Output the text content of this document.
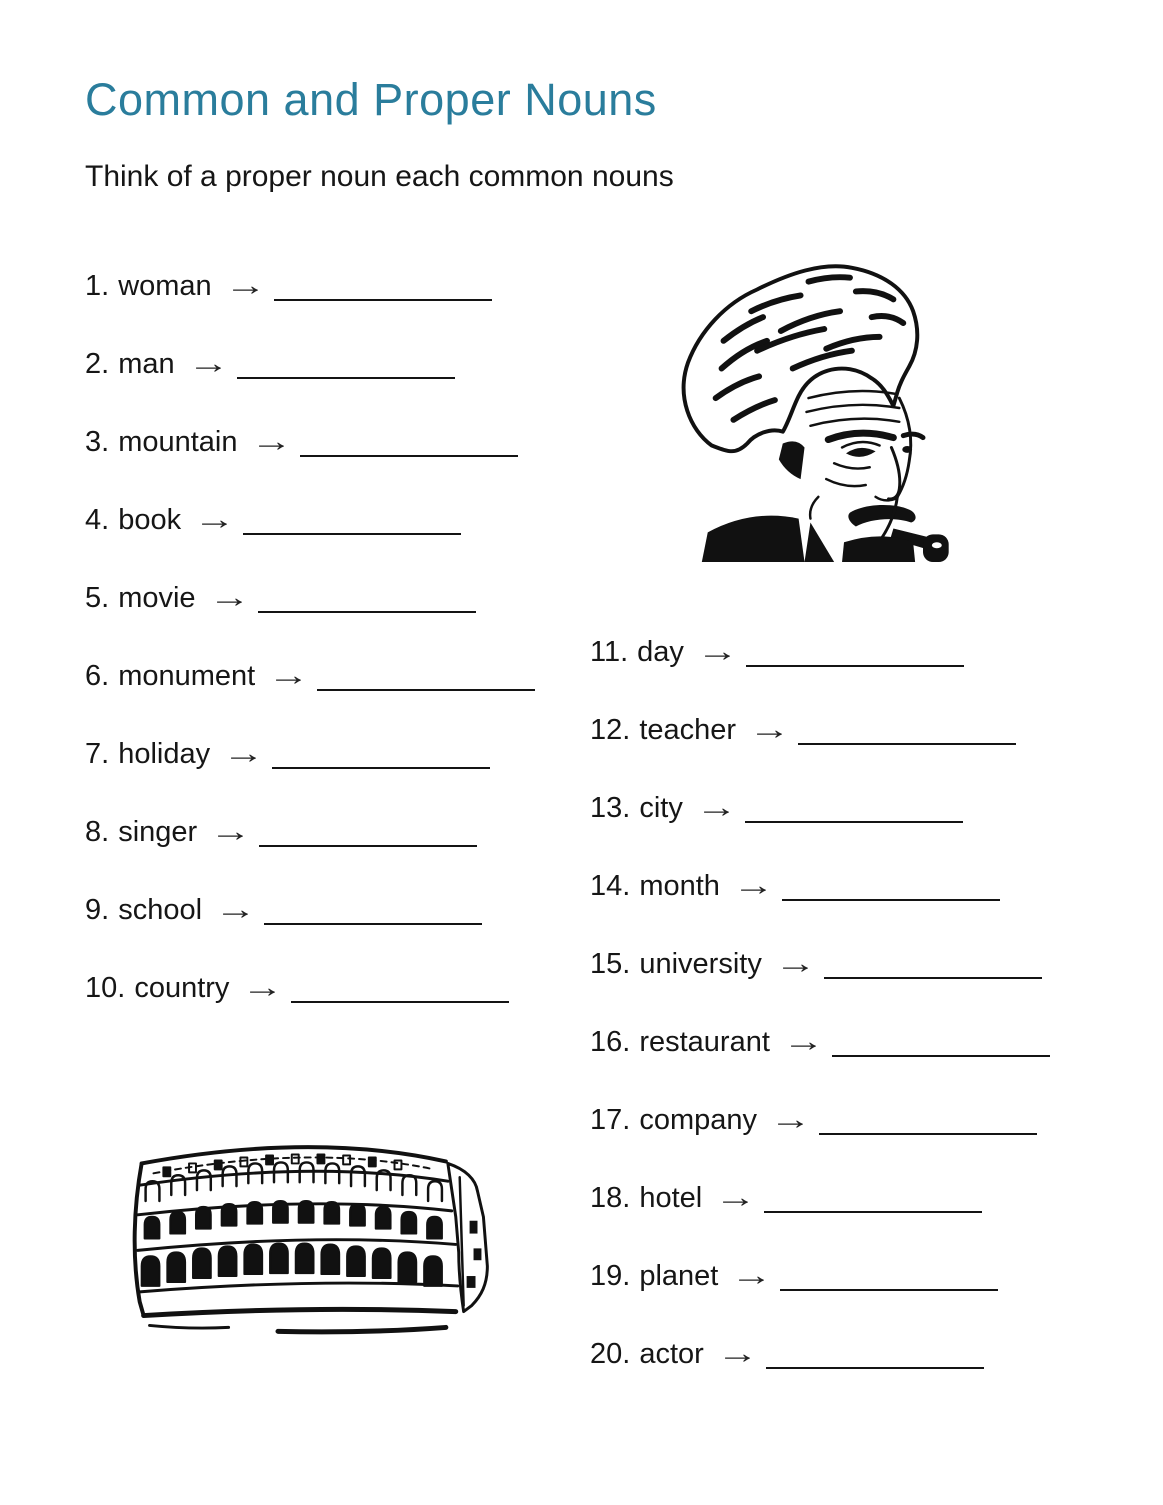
Common and Proper Nouns

Think of a proper noun each common nouns

1. woman →
2. man →
3. mountain →
4. book →
5. movie →
6. monument →
7. holiday →
8. singer →
9. school →
10. country →
11. day →
12. teacher →
13. city →
14. month →
15. university →
16. restaurant →
17. company →
18. hotel →
19. planet →
20. actor →
